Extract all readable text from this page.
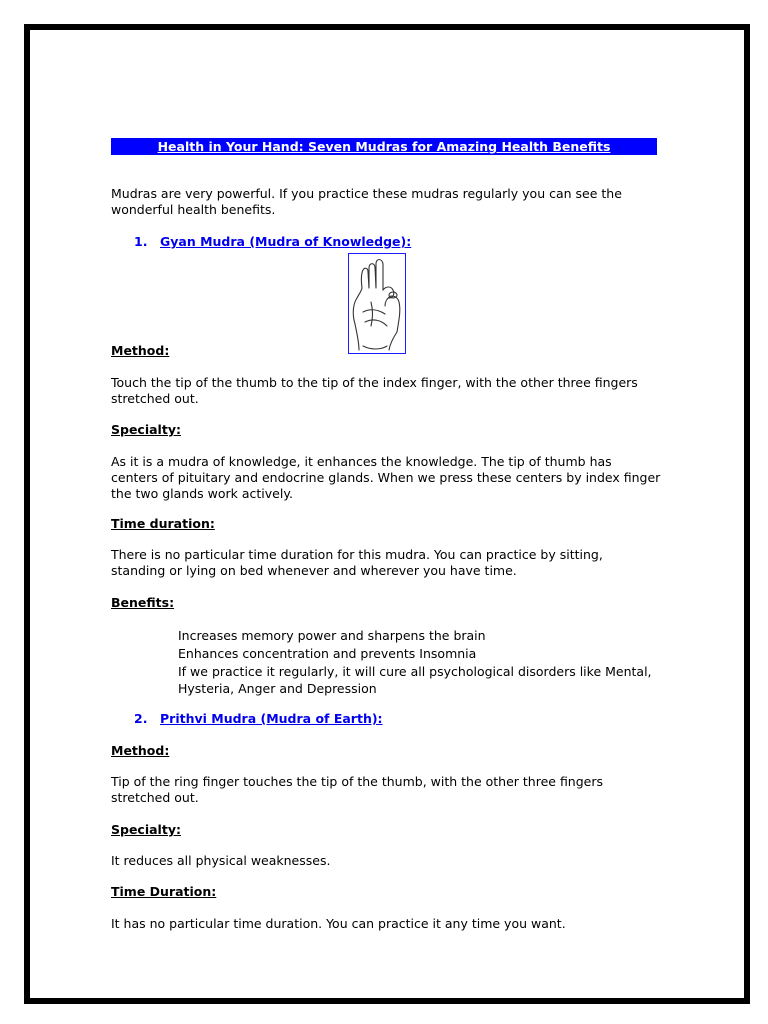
Health in Your Hand: Seven Mudras for Amazing Health Benefits
Mudras are very powerful. If you practice these mudras regularly you can see the wonderful health benefits.
1. Gyan Mudra (Mudra of Knowledge):
Method:
Touch the tip of the thumb to the tip of the index finger, with the other three fingers stretched out.
Specialty:
As it is a mudra of knowledge, it enhances the knowledge. The tip of thumb has centers of pituitary and endocrine glands. When we press these centers by index finger the two glands work actively.
Time duration:
There is no particular time duration for this mudra. You can practice by sitting, standing or lying on bed whenever and wherever you have time.
Benefits:
Increases memory power and sharpens the brain
Enhances concentration and prevents Insomnia
If we practice it regularly, it will cure all psychological disorders like Mental, Hysteria, Anger and Depression
2. Prithvi Mudra (Mudra of Earth):
Method:
Tip of the ring finger touches the tip of the thumb, with the other three fingers stretched out.
Specialty:
It reduces all physical weaknesses.
Time Duration:
It has no particular time duration. You can practice it any time you want.
